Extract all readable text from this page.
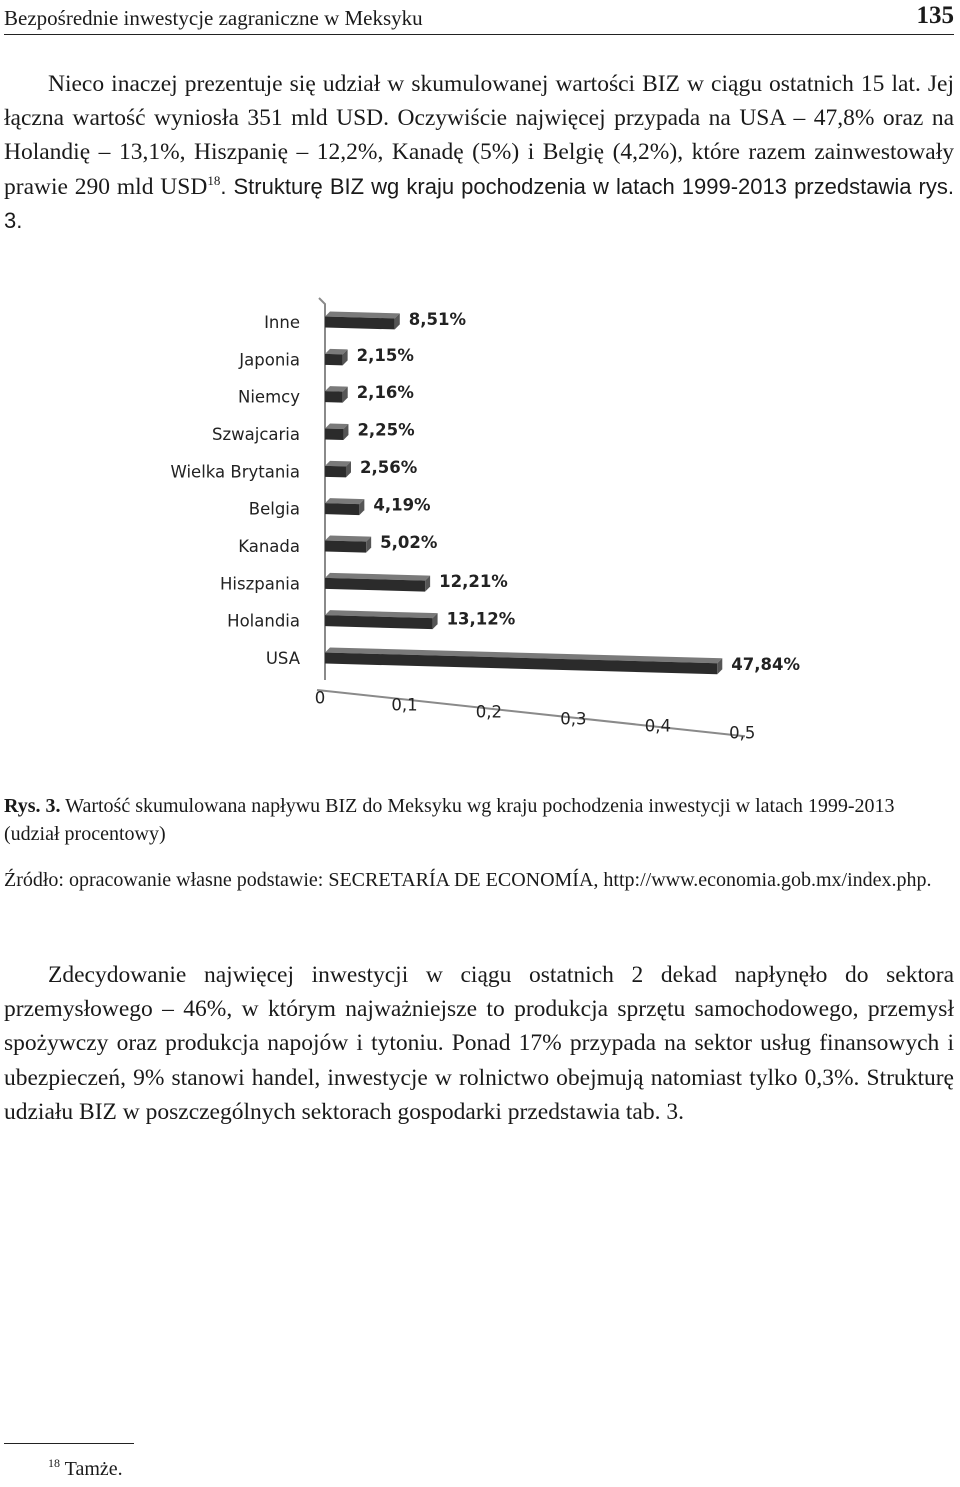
Bezpośrednie inwestycje zagraniczne w Meksyku	135

Nieco inaczej prezentuje się udział w skumulowanej wartości BIZ w ciągu ostatnich 15 lat. Jej łączna wartość wyniosła 351 mld USD. Oczywiście najwięcej przypada na USA – 47,8% oraz na Holandię – 13,1%, Hiszpanię – 12,2%, Kanadę (5%) i Belgię (4,2%), które razem zainwestowały prawie 290 mld USD$^{18}$. Strukturę BIZ wg kraju pochodzenia w latach 1999-2013 przedstawia rys. 3.

USA	47,84%
Holandia	13,12%
Hiszpania	12,21%
Kanada	5,02%
Belgia	4,19%
Wielka Brytania	2,56%
Szwajcaria	2,25%
Niemcy	2,16%
Japonia	2,15%
Inne	8,51%
0	0,1	0,2	0,3	0,4	0,5

Rys. 3. Wartość skumulowana napływu BIZ do Meksyku wg kraju pochodzenia inwestycji w latach 1999-2013 (udział procentowy)

Źródło: opracowanie własne podstawie: SECRETARÍA DE ECONOMÍA, http://www.economia.gob.mx/index.php.

Zdecydowanie najwięcej inwestycji w ciągu ostatnich 2 dekad napłynęło do sektora przemysłowego – 46%, w którym najważniejsze to produkcja sprzętu samochodowego, przemysł spożywczy oraz produkcja napojów i tytoniu. Ponad 17% przypada na sektor usług finansowych i ubezpieczeń, 9% stanowi handel, inwestycje w rolnictwo obejmują natomiast tylko 0,3%. Strukturę udziału BIZ w poszczególnych sektorach gospodarki przedstawia tab. 3.

$^{18}$ Tamże.
